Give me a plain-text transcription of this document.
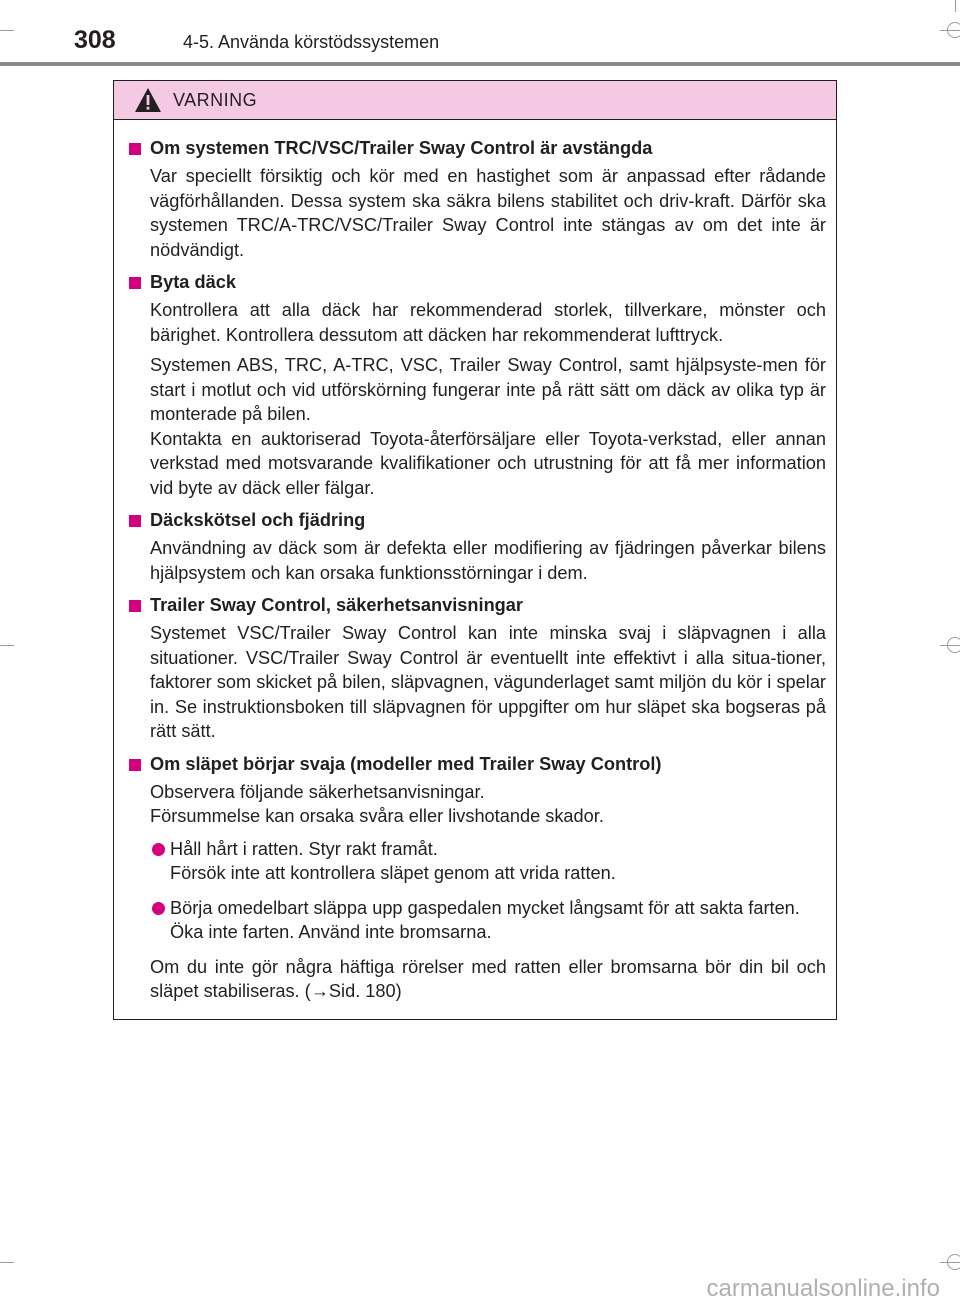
308	4-5. Använda körstödssystemen
VARNING
Om systemen TRC/VSC/Trailer Sway Control är avstängda
Var speciellt försiktig och kör med en hastighet som är anpassad efter rådande vägförhållanden. Dessa system ska säkra bilens stabilitet och driv-kraft. Därför ska systemen TRC/A-TRC/VSC/Trailer Sway Control inte stängas av om det inte är nödvändigt.
Byta däck
Kontrollera att alla däck har rekommenderad storlek, tillverkare, mönster och bärighet. Kontrollera dessutom att däcken har rekommenderat lufttryck.
Systemen ABS, TRC, A-TRC, VSC, Trailer Sway Control, samt hjälpsyste-men för start i motlut och vid utförskörning fungerar inte på rätt sätt om däck av olika typ är monterade på bilen.
Kontakta en auktoriserad Toyota-återförsäljare eller Toyota-verkstad, eller annan verkstad med motsvarande kvalifikationer och utrustning för att få mer information vid byte av däck eller fälgar.
Däckskötsel och fjädring
Användning av däck som är defekta eller modifiering av fjädringen påverkar bilens hjälpsystem och kan orsaka funktionsstörningar i dem.
Trailer Sway Control, säkerhetsanvisningar
Systemet VSC/Trailer Sway Control kan inte minska svaj i släpvagnen i alla situationer. VSC/Trailer Sway Control är eventuellt inte effektivt i alla situa-tioner, faktorer som skicket på bilen, släpvagnen, vägunderlaget samt miljön du kör i spelar in. Se instruktionsboken till släpvagnen för uppgifter om hur släpet ska bogseras på rätt sätt.
Om släpet börjar svaja (modeller med Trailer Sway Control)
Observera följande säkerhetsanvisningar.
Försummelse kan orsaka svåra eller livshotande skador.
Håll hårt i ratten. Styr rakt framåt.
Försök inte att kontrollera släpet genom att vrida ratten.
Börja omedelbart släppa upp gaspedalen mycket långsamt för att sakta farten.
Öka inte farten. Använd inte bromsarna.
Om du inte gör några häftiga rörelser med ratten eller bromsarna bör din bil och släpet stabiliseras. (→Sid. 180)
carmanualsonline.info
